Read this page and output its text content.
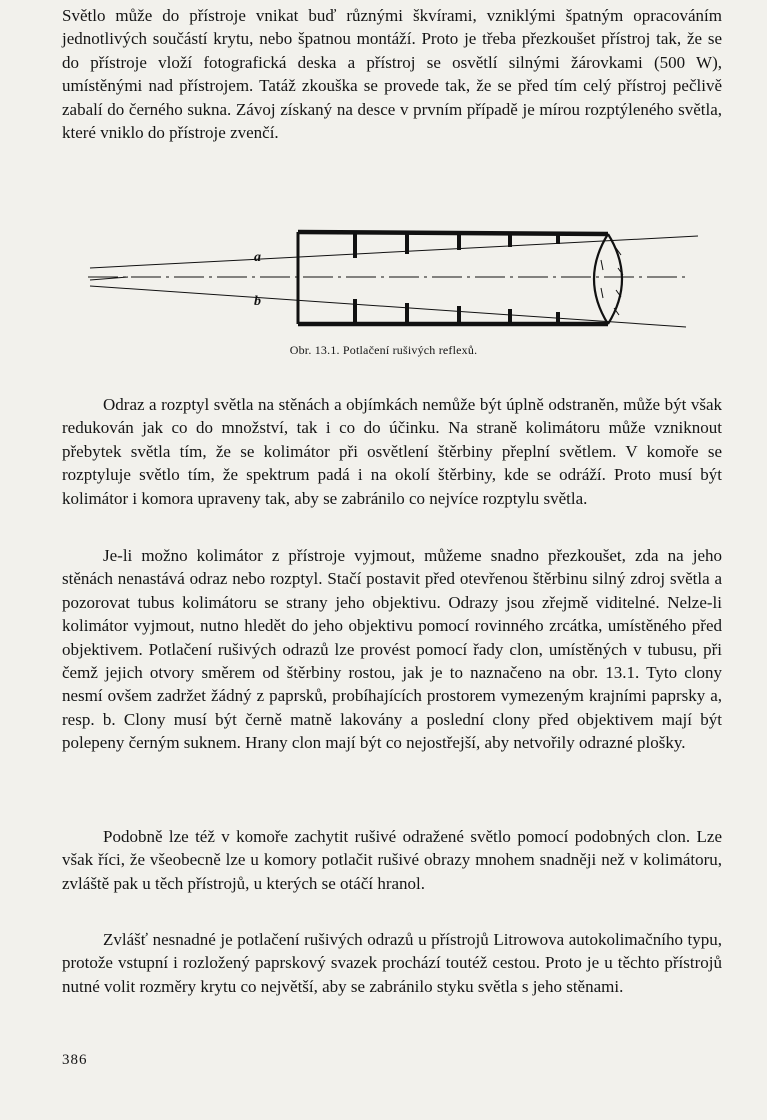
Světlo může do přístroje vnikat buď různými škvírami, vzniklými špatným opracováním jednotlivých součástí krytu, nebo špatnou montáží. Proto je třeba přezkoušet přístroj tak, že se do přístroje vloží fotografická deska a přístroj se osvětlí silnými žárovkami (500 W), umístěnými nad přístrojem. Tatáž zkouška se provede tak, že se před tím celý přístroj pečlivě zabalí do černého sukna. Závoj získaný na desce v prvním případě je mírou rozptýleného světla, které vniklo do přístroje zvenčí.

a
b
Obr. 13.1. Potlačení rušivých reflexů.

Odraz a rozptyl světla na stěnách a objímkách nemůže být úplně odstraněn, může být však redukován jak co do množství, tak i co do účinku. Na straně kolimátoru může vzniknout přebytek světla tím, že se kolimátor při osvětlení štěrbiny přeplní světlem. V komoře se rozptyluje světlo tím, že spektrum padá i na okolí štěrbiny, kde se odráží. Proto musí být kolimátor i komora upraveny tak, aby se zabránilo co nejvíce rozptylu světla.

Je-li možno kolimátor z přístroje vyjmout, můžeme snadno přezkoušet, zda na jeho stěnách nenastává odraz nebo rozptyl. Stačí postavit před otevřenou štěrbinu silný zdroj světla a pozorovat tubus kolimátoru se strany jeho objektivu. Odrazy jsou zřejmě viditelné. Nelze-li kolimátor vyjmout, nutno hledět do jeho objektivu pomocí rovinného zrcátka, umístěného před objektivem. Potlačení rušivých odrazů lze provést pomocí řady clon, umístěných v tubusu, při čemž jejich otvory směrem od štěrbiny rostou, jak je to naznačeno na obr. 13.1. Tyto clony nesmí ovšem zadržet žádný z paprsků, probíhajících prostorem vymezeným krajními paprsky a, resp. b. Clony musí být černě matně lakovány a poslední clony před objektivem mají být polepeny černým suknem. Hrany clon mají být co nejostřejší, aby netvořily odrazné plošky.

Podobně lze též v komoře zachytit rušivé odražené světlo pomocí podobných clon. Lze však říci, že všeobecně lze u komory potlačit rušivé obrazy mnohem snadněji než v kolimátoru, zvláště pak u těch přístrojů, u kterých se otáčí hranol.

Zvlášť nesnadné je potlačení rušivých odrazů u přístrojů Litrowova autokolimačního typu, protože vstupní i rozložený paprskový svazek prochází toutéž cestou. Proto je u těchto přístrojů nutné volit rozměry krytu co největší, aby se zabránilo styku světla s jeho stěnami.

386
